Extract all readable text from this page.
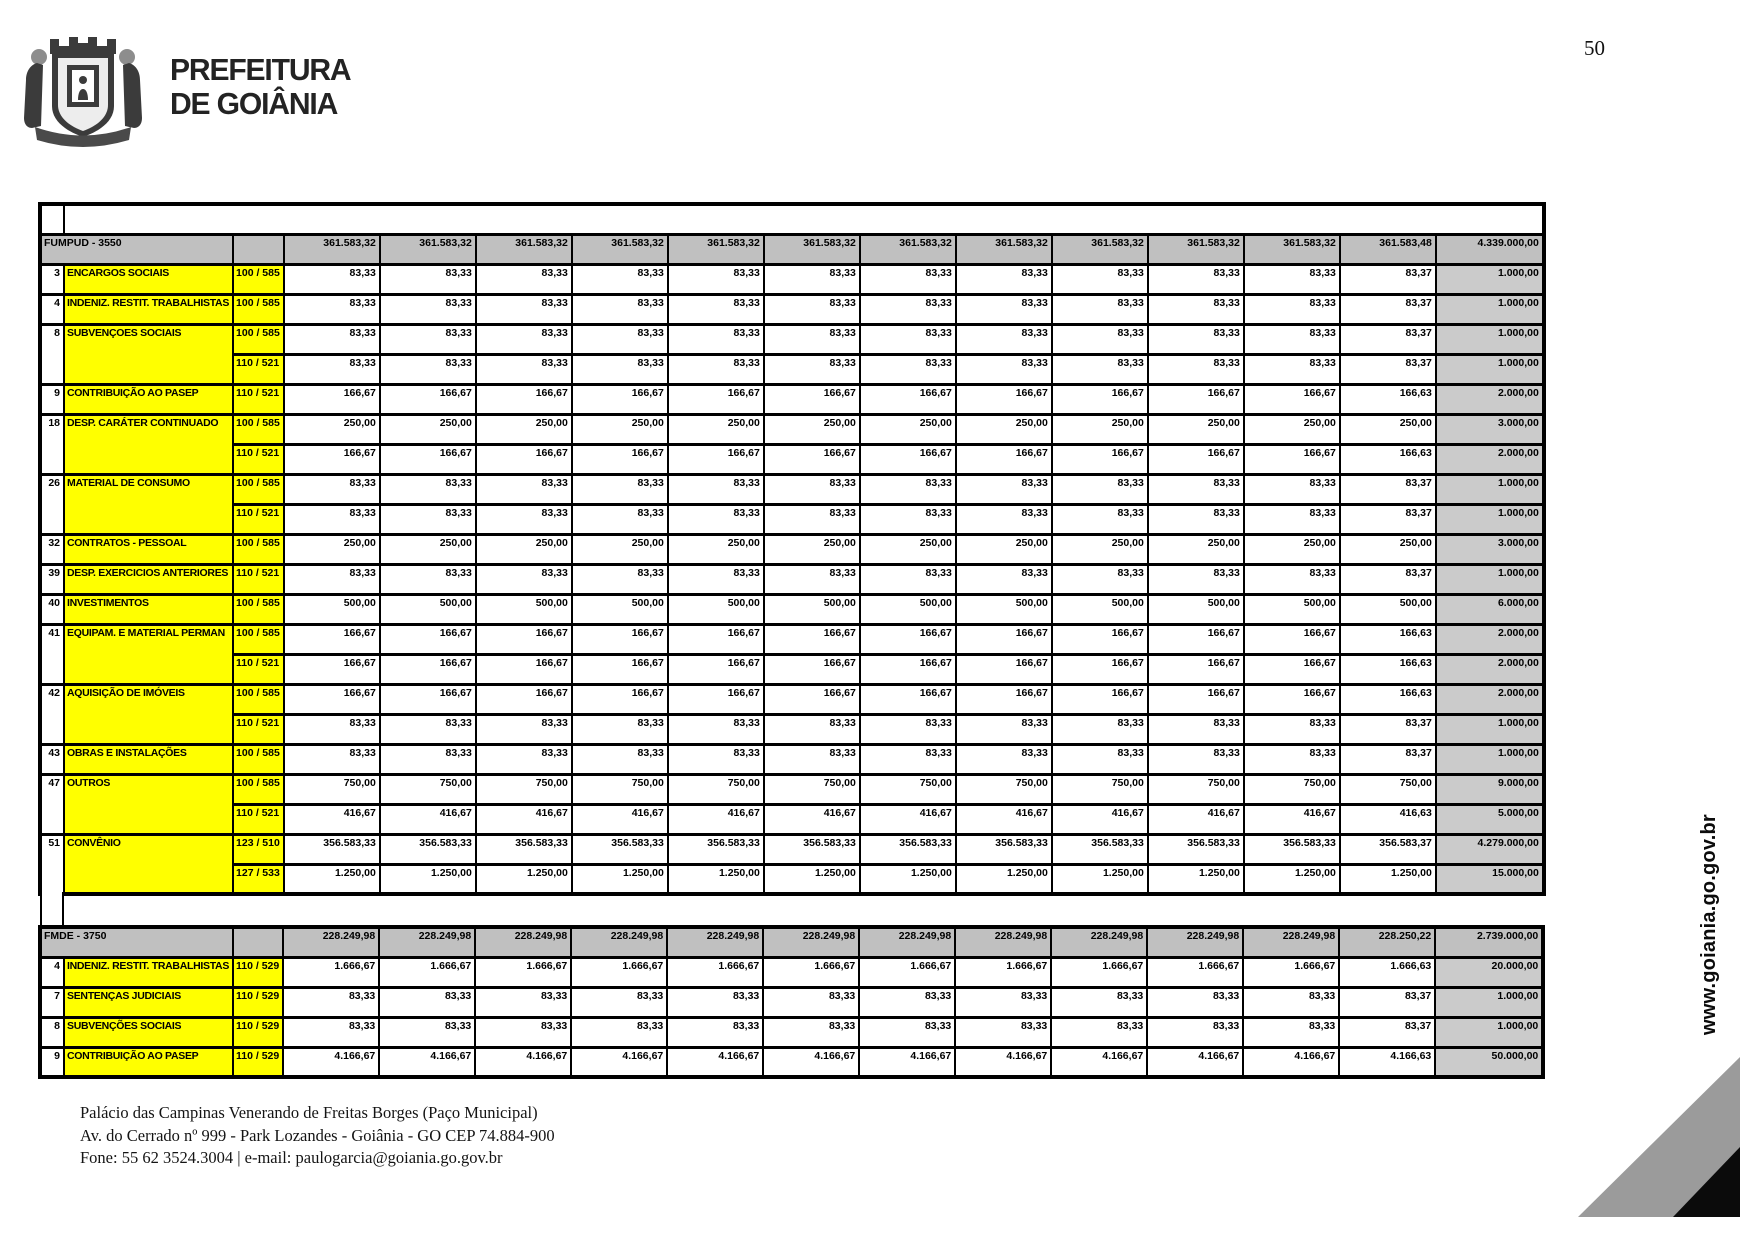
PREFEITURA
DE GOIÂNIA
50

FUMPUD - 3550			361.583,32	361.583,32	361.583,32	361.583,32	361.583,32	361.583,32	361.583,32	361.583,32	361.583,32	361.583,32	361.583,32	361.583,48	4.339.000,00
3	ENCARGOS SOCIAIS	100 / 585	83,33	83,33	83,33	83,33	83,33	83,33	83,33	83,33	83,33	83,33	83,33	83,37	1.000,00
4	INDENIZ. RESTIT. TRABALHISTAS	100 / 585	83,33	83,33	83,33	83,33	83,33	83,33	83,33	83,33	83,33	83,33	83,33	83,37	1.000,00
8	SUBVENÇOES SOCIAIS	100 / 585	83,33	83,33	83,33	83,33	83,33	83,33	83,33	83,33	83,33	83,33	83,33	83,37	1.000,00
		110 / 521	83,33	83,33	83,33	83,33	83,33	83,33	83,33	83,33	83,33	83,33	83,33	83,37	1.000,00
9	CONTRIBUIÇÃO AO PASEP	110 / 521	166,67	166,67	166,67	166,67	166,67	166,67	166,67	166,67	166,67	166,67	166,67	166,63	2.000,00
18	DESP. CARÁTER CONTINUADO	100 / 585	250,00	250,00	250,00	250,00	250,00	250,00	250,00	250,00	250,00	250,00	250,00	250,00	3.000,00
		110 / 521	166,67	166,67	166,67	166,67	166,67	166,67	166,67	166,67	166,67	166,67	166,67	166,63	2.000,00
26	MATERIAL DE CONSUMO	100 / 585	83,33	83,33	83,33	83,33	83,33	83,33	83,33	83,33	83,33	83,33	83,33	83,37	1.000,00
		110 / 521	83,33	83,33	83,33	83,33	83,33	83,33	83,33	83,33	83,33	83,33	83,33	83,37	1.000,00
32	CONTRATOS - PESSOAL	100 / 585	250,00	250,00	250,00	250,00	250,00	250,00	250,00	250,00	250,00	250,00	250,00	250,00	3.000,00
39	DESP. EXERCICIOS ANTERIORES	110 / 521	83,33	83,33	83,33	83,33	83,33	83,33	83,33	83,33	83,33	83,33	83,33	83,37	1.000,00
40	INVESTIMENTOS	100 / 585	500,00	500,00	500,00	500,00	500,00	500,00	500,00	500,00	500,00	500,00	500,00	500,00	6.000,00
41	EQUIPAM. E MATERIAL PERMAN	100 / 585	166,67	166,67	166,67	166,67	166,67	166,67	166,67	166,67	166,67	166,67	166,67	166,63	2.000,00
		110 / 521	166,67	166,67	166,67	166,67	166,67	166,67	166,67	166,67	166,67	166,67	166,67	166,63	2.000,00
42	AQUISIÇÃO DE IMÓVEIS	100 / 585	166,67	166,67	166,67	166,67	166,67	166,67	166,67	166,67	166,67	166,67	166,67	166,63	2.000,00
		110 / 521	83,33	83,33	83,33	83,33	83,33	83,33	83,33	83,33	83,33	83,33	83,33	83,37	1.000,00
43	OBRAS E INSTALAÇÕES	100 / 585	83,33	83,33	83,33	83,33	83,33	83,33	83,33	83,33	83,33	83,33	83,33	83,37	1.000,00
47	OUTROS	100 / 585	750,00	750,00	750,00	750,00	750,00	750,00	750,00	750,00	750,00	750,00	750,00	750,00	9.000,00
		110 / 521	416,67	416,67	416,67	416,67	416,67	416,67	416,67	416,67	416,67	416,67	416,67	416,63	5.000,00
51	CONVÊNIO	123 / 510	356.583,33	356.583,33	356.583,33	356.583,33	356.583,33	356.583,33	356.583,33	356.583,33	356.583,33	356.583,33	356.583,33	356.583,37	4.279.000,00
		127 / 533	1.250,00	1.250,00	1.250,00	1.250,00	1.250,00	1.250,00	1.250,00	1.250,00	1.250,00	1.250,00	1.250,00	1.250,00	15.000,00
FMDE - 3750			228.249,98	228.249,98	228.249,98	228.249,98	228.249,98	228.249,98	228.249,98	228.249,98	228.249,98	228.249,98	228.249,98	228.250,22	2.739.000,00
4	INDENIZ. RESTIT. TRABALHISTAS	110 / 529	1.666,67	1.666,67	1.666,67	1.666,67	1.666,67	1.666,67	1.666,67	1.666,67	1.666,67	1.666,67	1.666,67	1.666,63	20.000,00
7	SENTENÇAS JUDICIAIS	110 / 529	83,33	83,33	83,33	83,33	83,33	83,33	83,33	83,33	83,33	83,33	83,33	83,37	1.000,00
8	SUBVENÇÕES SOCIAIS	110 / 529	83,33	83,33	83,33	83,33	83,33	83,33	83,33	83,33	83,33	83,33	83,33	83,37	1.000,00
9	CONTRIBUIÇÃO AO PASEP	110 / 529	4.166,67	4.166,67	4.166,67	4.166,67	4.166,67	4.166,67	4.166,67	4.166,67	4.166,67	4.166,67	4.166,67	4.166,63	50.000,00
Palácio das Campinas Venerando de Freitas Borges (Paço Municipal)
Av. do Cerrado nº 999 - Park Lozandes - Goiânia - GO CEP 74.884-900
Fone: 55 62 3524.3004 | e-mail: paulogarcia@goiania.go.gov.br
www.goiania.go.gov.br
